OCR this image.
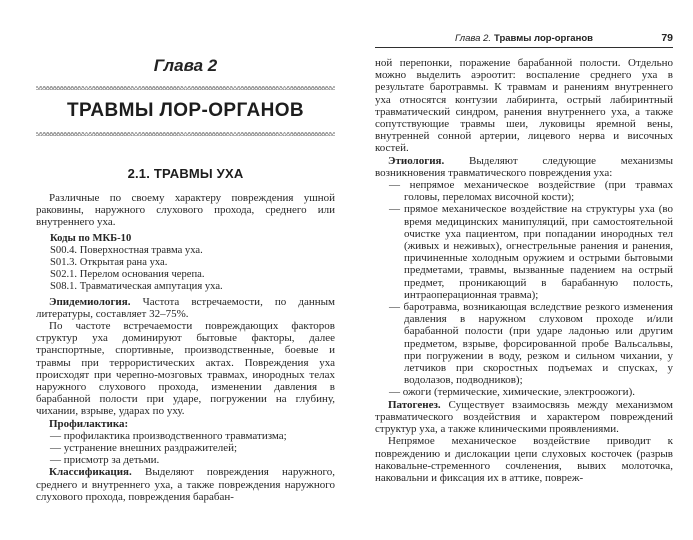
Глава 2
ТРАВМЫ ЛОР-ОРГАНОВ
2.1. ТРАВМЫ УХА

Различные по своему характеру повреждения ушной раковины, наружного слухового прохода, среднего или внутреннего уха.

Коды по МКБ-10
S00.4. Поверхностная травма уха.
S01.3. Открытая рана уха.
S02.1. Перелом основания черепа.
S08.1. Травматическая ампутация уха.

Эпидемиология. Частота встречаемости, по данным литературы, составляет 32–75%.

По частоте встречаемости повреждающих факторов структур уха доминируют бытовые факторы, далее транспортные, спортивные, производственные, боевые и травмы при террористических актах. Повреждения уха происходят при черепно-мозговых травмах, инородных телах наружного слухового прохода, изменении давления в барабанной полости при ударе, погружении на глубину, чихании, взрыве, ударах по уху.

Профилактика:

— профилактика производственного травматизма;
— устранение внешних раздражителей;
— присмотр за детьми.

Классификация. Выделяют повреждения наружного, среднего и внутреннего уха, а также повреждения наружного слухового прохода, повреждения барабан-

Глава 2. Травмы лор-органов	79

ной перепонки, поражение барабанной полости. Отдельно можно выделить аэроотит: воспаление среднего уха в результате баротравмы. К травмам и ранениям внутреннего уха относятся контузии лабиринта, острый лабиринтный травматический синдром, ранения внутреннего уха, а также сопутствующие травмы шеи, луковицы яремной вены, внутренней сонной артерии, лицевого нерва и височных костей.

Этиология. Выделяют следующие механизмы возникновения травматического повреждения уха:

— непрямое механическое воздействие (при травмах головы, переломах височной кости);
— прямое механическое воздействие на структуры уха (во время медицинских манипуляций, при самостоятельной очистке уха пациентом, при попадании инородных тел (живых и неживых), огнестрельные ранения и ранения, причиненные холодным оружием и острыми бытовыми предметами, травмы, вызванные падением на острый предмет, проникающий в барабанную полость, интраоперационная травма);
— баротравма, возникающая вследствие резкого изменения давления в наружном слуховом проходе и/или барабанной полости (при ударе ладонью или другим предметом, взрыве, форсированной пробе Вальсальвы, при погружении в воду, резком и сильном чихании, у летчиков при скоростных подъемах и спусках, у водолазов, подводников);
— ожоги (термические, химические, электроожоги).

Патогенез. Существует взаимосвязь между механизмом травматического воздействия и характером повреждений структур уха, а также клиническими проявлениями.

Непрямое механическое воздействие приводит к повреждению и дислокации цепи слуховых косточек (разрыв наковальне-стременного сочленения, вывих молоточка, наковальни и фиксация их в аттике, повреж-
